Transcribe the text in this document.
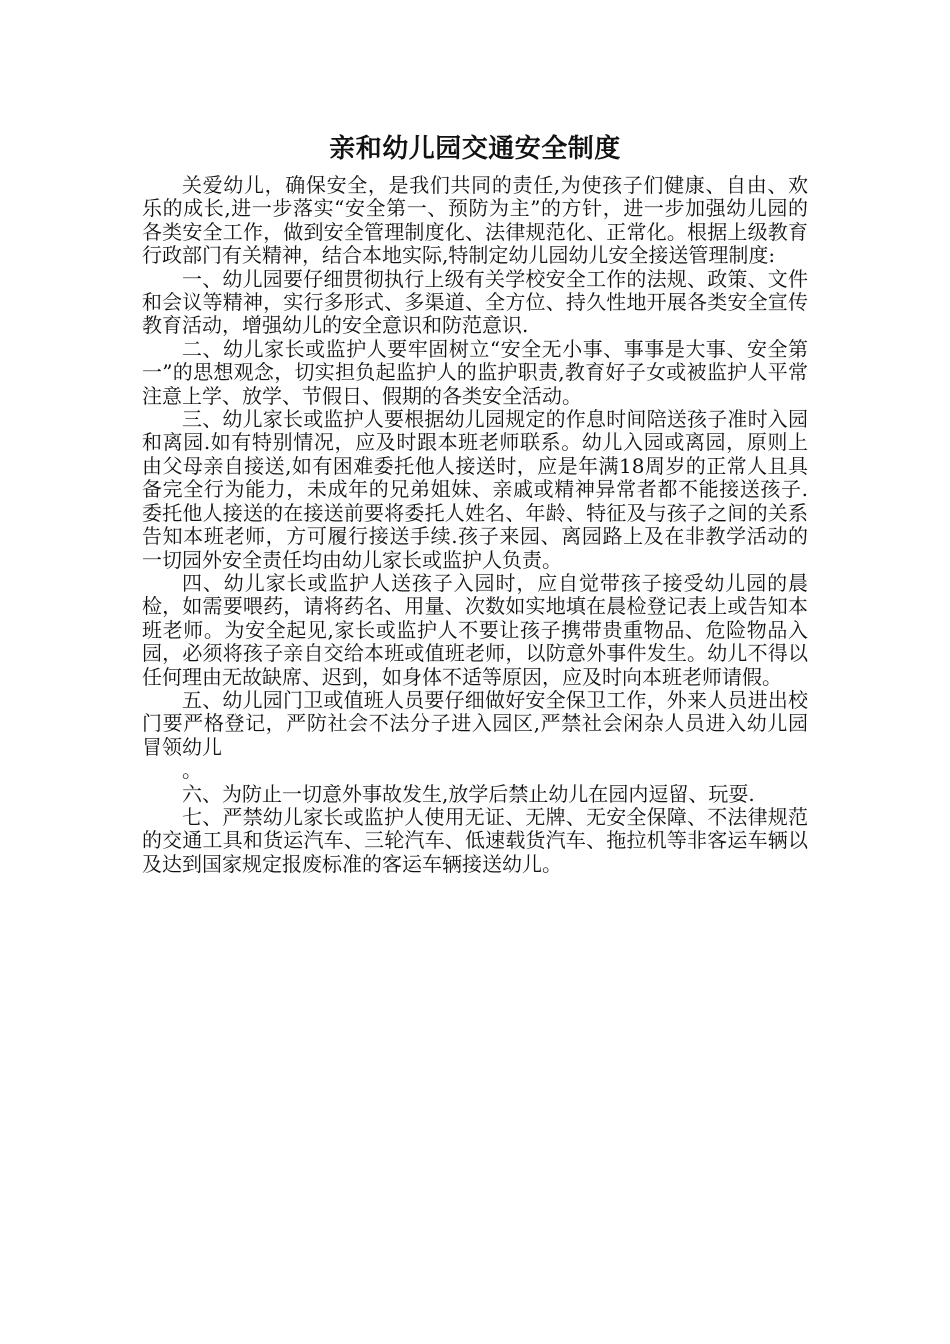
亲和幼儿园交通安全制度

关爱幼儿，确保安全，是我们共同的责任,为使孩子们健康、自由、欢乐的成长,进一步落实“安全第一、预防为主”的方针，进一步加强幼儿园的各类安全工作，做到安全管理制度化、法律规范化、正常化。根据上级教育行政部门有关精神，结合本地实际,特制定幼儿园幼儿安全接送管理制度:

一、幼儿园要仔细贯彻执行上级有关学校安全工作的法规、政策、文件和会议等精神，实行多形式、多渠道、全方位、持久性地开展各类安全宣传教育活动，增强幼儿的安全意识和防范意识.

二、幼儿家长或监护人要牢固树立“安全无小事、事事是大事、安全第一”的思想观念，切实担负起监护人的监护职责,教育好子女或被监护人平常注意上学、放学、节假日、假期的各类安全活动。

三、幼儿家长或监护人要根据幼儿园规定的作息时间陪送孩子准时入园和离园.如有特别情况，应及时跟本班老师联系。幼儿入园或离园，原则上由父母亲自接送,如有困难委托他人接送时，应是年满18周岁的正常人且具备完全行为能力，未成年的兄弟姐妹、亲戚或精神异常者都不能接送孩子.委托他人接送的在接送前要将委托人姓名、年龄、特征及与孩子之间的关系告知本班老师，方可履行接送手续.孩子来园、离园路上及在非教学活动的一切园外安全责任均由幼儿家长或监护人负责。

四、幼儿家长或监护人送孩子入园时，应自觉带孩子接受幼儿园的晨检，如需要喂药，请将药名、用量、次数如实地填在晨检登记表上或告知本班老师。为安全起见,家长或监护人不要让孩子携带贵重物品、危险物品入园，必须将孩子亲自交给本班或值班老师，以防意外事件发生。幼儿不得以任何理由无故缺席、迟到，如身体不适等原因，应及时向本班老师请假。

五、幼儿园门卫或值班人员要仔细做好安全保卫工作，外来人员进出校门要严格登记，严防社会不法分子进入园区,严禁社会闲杂人员进入幼儿园冒领幼儿

。

六、为防止一切意外事故发生,放学后禁止幼儿在园内逗留、玩耍.

七、严禁幼儿家长或监护人使用无证、无牌、无安全保障、不法律规范的交通工具和货运汽车、三轮汽车、低速载货汽车、拖拉机等非客运车辆以及达到国家规定报废标准的客运车辆接送幼儿。
